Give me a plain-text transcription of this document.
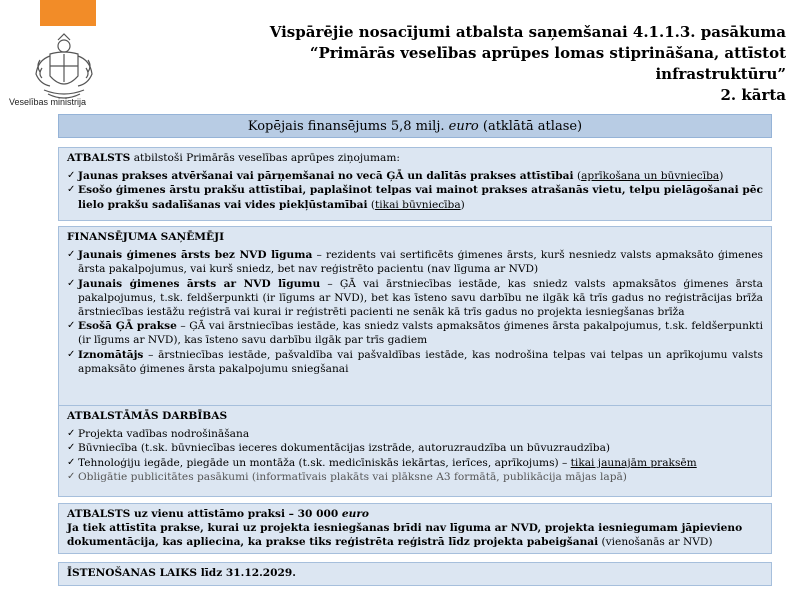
Veselības ministrija
Vispārējie nosacījumi atbalsta saņemšanai 4.1.1.3. pasākuma
“Primārās veselības aprūpes lomas stiprināšana, attīstot
infrastruktūru”
2. kārta
Kopējais finansējums 5,8 milj. euro (atklātā atlase)
ATBALSTS atbilstoši Primārās veselības aprūpes ziņojumam:
✓ Jaunas prakses atvēršanai vai pārņemšanai no vecā ĢĀ un dalītās prakses attīstībai (aprīkošana un būvniecība)
✓ Esošo ģimenes ārstu prakšu attīstībai, paplašinot telpas vai mainot prakses atrašanās vietu, telpu pielāgošanai pēc lielo prakšu sadalīšanas vai vides piekļūstamībai (tikai būvniecība)
FINANSĒJUMA SAŅĒMĒJI
✓ Jaunais ģimenes ārsts bez NVD līguma – rezidents vai sertificēts ģimenes ārsts, kurš nesniedz valsts apmaksāto ģimenes ārsta pakalpojumus, vai kurš sniedz, bet nav reģistrēto pacientu (nav līguma ar NVD)
✓ Jaunais ģimenes ārsts ar NVD līgumu – ĢĀ vai ārstniecības iestāde, kas sniedz valsts apmaksātos ģimenes ārsta pakalpojumus, t.sk. feldšerpunkti (ir līgums ar NVD), bet kas īsteno savu darbību ne ilgāk kā trīs gadus no reģistrācijas brīža ārstniecības iestāžu reģistrā vai kurai ir reģistrēti pacienti ne senāk kā trīs gadus no projekta iesniegšanas brīža
✓ Esošā ĢĀ prakse – ĢĀ vai ārstniecības iestāde, kas sniedz valsts apmaksātos ģimenes ārsta pakalpojumus, t.sk. feldšerpunkti (ir līgums ar NVD), kas īsteno savu darbību ilgāk par trīs gadiem
✓ Iznomātājs – ārstniecības iestāde, pašvaldība vai pašvaldības iestāde, kas nodrošina telpas vai telpas un aprīkojumu valsts apmaksāto ģimenes ārsta pakalpojumu sniegšanai
ATBALSTĀMĀS DARBĪBAS
✓ Projekta vadības nodrošināšana
✓ Būvniecība (t.sk. būvniecības ieceres dokumentācijas izstrāde, autoruzraudzība un būvuzraudzība)
✓ Tehnoloģiju iegāde, piegāde un montāža (t.sk. medicīniskās iekārtas, ierīces, aprīkojums) – tikai jaunajām praksēm
✓ Obligātie publicitātes pasākumi (informatīvais plakāts vai plāksne A3 formātā, publikācija mājas lapā)
ATBALSTS uz vienu attīstāmo praksi – 30 000 euro
Ja tiek attīstīta prakse, kurai uz projekta iesniegšanas brīdi nav līguma ar NVD, projekta iesniegumam jāpievieno dokumentācija, kas apliecina, ka prakse tiks reģistrēta reģistrā līdz projekta pabeigšanai (vienošanās ar NVD)
ĪSTENOŠANAS LAIKS līdz 31.12.2029.
